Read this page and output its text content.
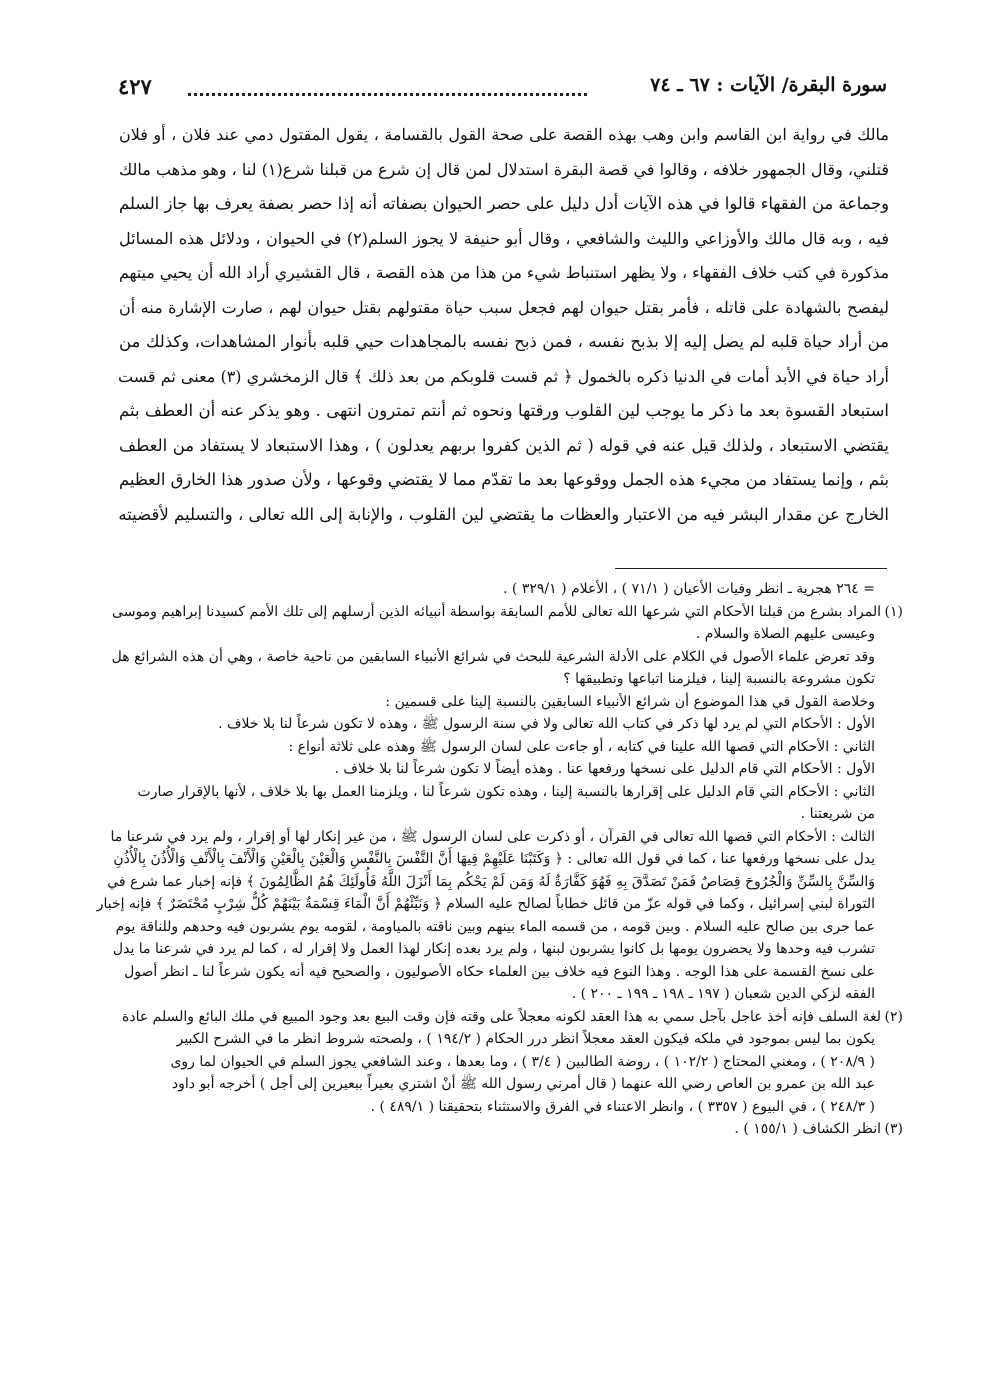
سورة البقرة/ الآيات : ٦٧ ـ ٧٤
٤٢٧

مالك في رواية ابن القاسم وابن وهب بهذه القصة على صحة القول بالقسامة ، يقول المقتول دمي عند فلان ، أو فلان

قتلني، وقال الجمهور خلافه ، وقالوا في قصة البقرة استدلال لمن قال إن شرع من قبلنا شرع(١) لنا ، وهو مذهب مالك

وجماعة من الفقهاء قالوا في هذه الآيات أدل دليل على حصر الحيوان بصفاته أنه إذا حصر بصفة يعرف بها جاز السلم

فيه ، وبه قال مالك والأوزاعي والليث والشافعي ، وقال أبو حنيفة لا يجوز السلم(٢) في الحيوان ، ودلائل هذه المسائل

مذكورة في كتب خلاف الفقهاء ، ولا يظهر استنباط شيء من هذا من هذه القصة ، قال القشيري أراد الله أن يحيي ميتهم

ليفصح بالشهادة على قاتله ، فأمر بقتل حيوان لهم فجعل سبب حياة مقتولهم بقتل حيوان لهم ، صارت الإشارة منه أن

من أراد حياة قلبه لم يصل إليه إلا بذبح نفسه ، فمن ذبح نفسه بالمجاهدات حيي قلبه بأنوار المشاهدات، وكذلك من

أراد حياة في الأبد أمات في الدنيا ذكره بالخمول ﴿ ثم قست قلوبكم من بعد ذلك ﴾ قال الزمخشري (٣) معنى ثم قست

استبعاد القسوة بعد ما ذكر ما يوجب لين القلوب ورقتها ونحوه ثم أنتم تمترون انتهى . وهو يذكر عنه أن العطف بثم

يقتضي الاستبعاد ، ولذلك قيل عنه في قوله ( ثم الذين كفروا بربهم يعدلون ) ، وهذا الاستبعاد لا يستفاد من العطف

بثم ، وإنما يستفاد من مجيء هذه الجمل ووقوعها بعد ما تقدّم مما لا يقتضي وقوعها ، ولأن صدور هذا الخارق العظيم

الخارج عن مقدار البشر فيه من الاعتبار والعظات ما يقتضي لين القلوب ، والإنابة إلى الله تعالى ، والتسليم لأقضيته

= ٢٦٤ هجرية ـ انظر وفيات الأعيان ( ٧١/١ ) ، الأعلام ( ٣٢٩/١ ) .

(١)المراد بشرع من قبلنا الأحكام التي شرعها الله تعالى للأمم السابقة بواسطة أنبيائه الذين أرسلهم إلى تلك الأمم كسيدنا إبراهيم وموسى

وعيسى عليهم الصلاة والسلام .

وقد تعرض علماء الأصول في الكلام على الأدلة الشرعية للبحث في شرائع الأنبياء السابقين من ناحية خاصة ، وهي أن هذه الشرائع هل

تكون مشروعة بالنسبة إلينا ، فيلزمنا اتباعها وتطبيقها ؟

وخلاصة القول في هذا الموضوع أن شرائع الأنبياء السابقين بالنسبة إلينا على قسمين :

الأول : الأحكام التي لم يرد لها ذكر في كتاب الله تعالى ولا في سنة الرسول ﷺ ، وهذه لا تكون شرعاً لنا بلا خلاف .

الثاني : الأحكام التي قصها الله علينا في كتابه ، أو جاءت على لسان الرسول ﷺ وهذه على ثلاثة أنواع :

الأول : الأحكام التي قام الدليل على نسخها ورفعها عنا . وهذه أيضاً لا تكون شرعاً لنا بلا خلاف .

الثاني : الأحكام التي قام الدليل على إقرارها بالنسبة إلينا ، وهذه تكون شرعاً لنا ، ويلزمنا العمل بها بلا خلاف ، لأنها بالإقرار صارت

من شريعتنا .

الثالث : الأحكام التي قصها الله تعالى في القرآن ، أو ذكرت على لسان الرسول ﷺ ، من غير إنكار لها أو إقرار ، ولم يرد في شرعنا ما

يدل على نسخها ورفعها عنا ، كما في قول الله تعالى : ﴿ وَكَتَبْنَا عَلَيْهِمْ فِيهَا أَنَّ النَّفْسَ بِالنَّفْسِ وَالْعَيْنَ بِالْعَيْنِ وَالْأَنْفَ بِالْأَنْفِ وَالْأُذُنَ بِالْأُذُنِ

وَالسِّنَّ بِالسِّنِّ وَالْجُرُوحَ قِصَاصٌ فَمَنْ تَصَدَّقَ بِهِ فَهُوَ كَفَّارَةٌ لَهُ وَمَن لَمْ يَحْكُم بِمَا أَنْزَلَ اللَّهُ فَأُولَئِكَ هُمُ الظَّالِمُونَ ﴾ فإنه إخبار عما شرع في

التوراة لبني إسرائيل ، وكما في قوله عزّ من قائل خطاباً لصالح عليه السلام ﴿ وَنَبِّئْهُمْ أَنَّ الْمَاءَ قِسْمَةٌ بَيْنَهُمْ كُلُّ شِرْبٍ مُحْتَضَرٌ ﴾ فإنه إخبار

عما جرى بين صالح عليه السلام . وبين قومه ، من قسمه الماء بينهم وبين ناقته بالمياومة ، لقومه يوم يشربون فيه وحدهم وللناقة يوم

تشرب فيه وحدها ولا يحضرون يومها بل كانوا يشربون لبنها ، ولم يرد بعده إنكار لهذا العمل ولا إقرار له ، كما لم يرد في شرعنا ما يدل

على نسخ القسمة على هذا الوجه . وهذا النوع فيه خلاف بين العلماء حكاه الأصوليون ، والصحيح فيه أنه يكون شرعاً لنا ـ انظر أصول

الفقه لزكي الدين شعبان ( ١٩٧ ـ ١٩٨ ـ ١٩٩ ـ ٢٠٠ ) .

(٢)لغة السلف فإنه أخذ عاجل بآجل سمي به هذا العقد لكونه معجلاً على وقته فإن وقت البيع بعد وجود المبيع في ملك البائع والسلم عادة

يكون بما ليس بموجود في ملكه فيكون العقد معجلاً انظر درر الحكام ( ١٩٤/٢ ) ، ولصحته شروط انظر ما في الشرح الكبير

( ٢٠٨/٩ ) ، ومغني المحتاج ( ١٠٢/٢ ) ، روضة الطالبين ( ٣/٤ ) ، وما بعدها ، وعند الشافعي يجوز السلم في الحيوان لما روى

عبد الله بن عمرو بن العاص رضي الله عنهما ( قال أمرني رسول الله ﷺ أنْ اشتري بعيراً ببعيرين إلى أجل ) أخرجه أبو داود

( ٢٤٨/٣ ) ، في البيوع ( ٣٣٥٧ ) ، وانظر الاعتناء في الفرق والاستثناء بتحقيقنا ( ٤٨٩/١ ) .

(٣)انظر الكشاف ( ١٥٥/١ ) .
